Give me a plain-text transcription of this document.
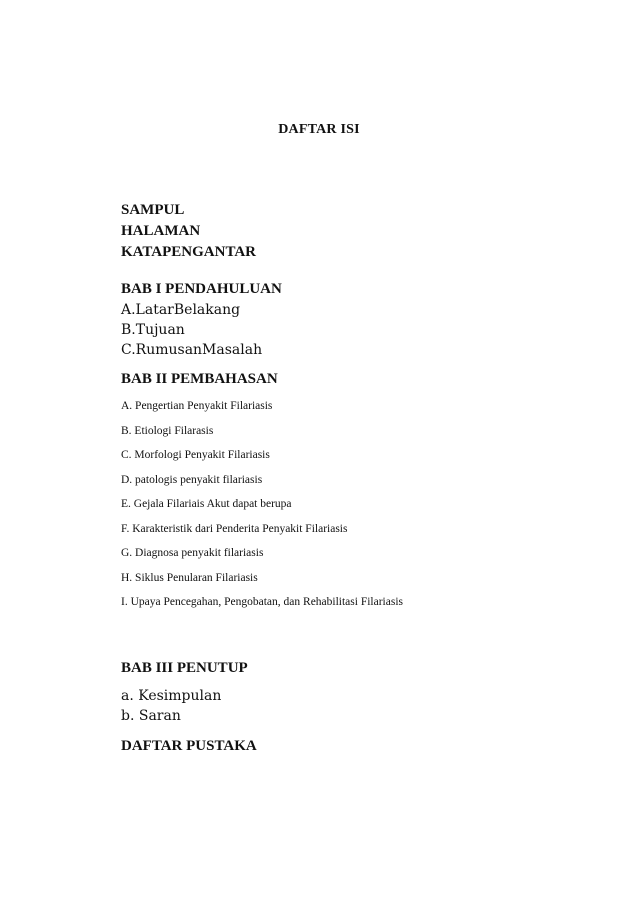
DAFTAR ISI
SAMPUL
HALAMAN
KATAPENGANTAR
BAB I PENDAHULUAN
A.LatarBelakang
B.Tujuan
C.RumusanMasalah
BAB II PEMBAHASAN
A. Pengertian Penyakit Filariasis
B. Etiologi Filarasis
C. Morfologi Penyakit Filariasis
D. patologis penyakit filariasis
E. Gejala Filariais Akut dapat berupa
F. Karakteristik dari Penderita Penyakit Filariasis
G. Diagnosa penyakit filariasis
H. Siklus Penularan Filariasis
I. Upaya Pencegahan, Pengobatan, dan Rehabilitasi Filariasis
BAB III PENUTUP
a. Kesimpulan
b. Saran
DAFTAR PUSTAKA
